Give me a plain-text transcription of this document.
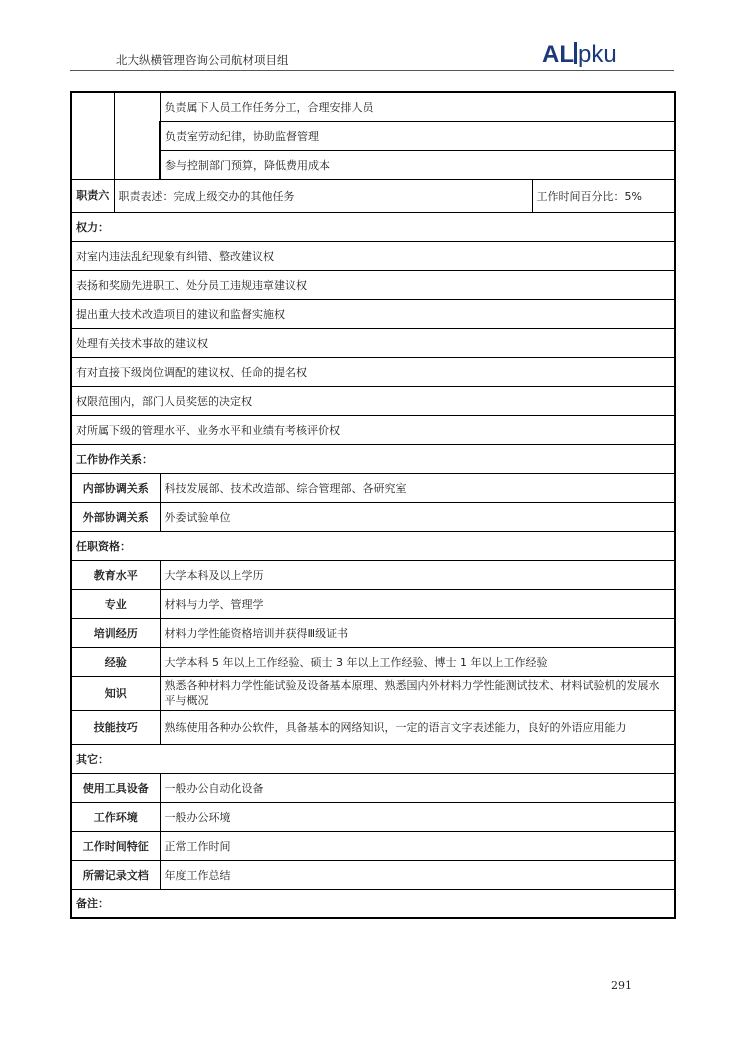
北大纵横管理咨询公司航材项目组	AL pku
		负责属下人员工作任务分工，合理安排人员	
		负责室劳动纪律，协助监督管理	
		参与控制部门预算，降低费用成本	
职责六	职责表述：完成上级交办的其他任务		工作时间百分比：5%
权力：			
对室内违法乱纪现象有纠错、整改建议权			
表扬和奖励先进职工、处分员工违规违章建议权			
提出重大技术改造项目的建议和监督实施权			
处理有关技术事故的建议权			
有对直接下级岗位调配的建议权、任命的提名权			
权限范围内，部门人员奖惩的决定权			
对所属下级的管理水平、业务水平和业绩有考核评价权			
工作协作关系：			
内部协调关系		科技发展部、技术改造部、综合管理部、各研究室	
外部协调关系		外委试验单位	
任职资格：			
教育水平		大学本科及以上学历	
专业		材料与力学、管理学	
培训经历		材料力学性能资格培训并获得Ⅲ级证书	
经验		大学本科 5 年以上工作经验、硕士 3 年以上工作经验、博士 1 年以上工作经验	
知识		熟悉各种材料力学性能试验及设备基本原理、熟悉国内外材料力学性能测试技术、材料试验机的发展水平与概况	
技能技巧		熟练使用各种办公软件，具备基本的网络知识，一定的语言文字表述能力，良好的外语应用能力	
其它：			
使用工具设备		一般办公自动化设备	
工作环境		一般办公环境	
工作时间特征		正常工作时间	
所需记录文档		年度工作总结	
备注：			
291
